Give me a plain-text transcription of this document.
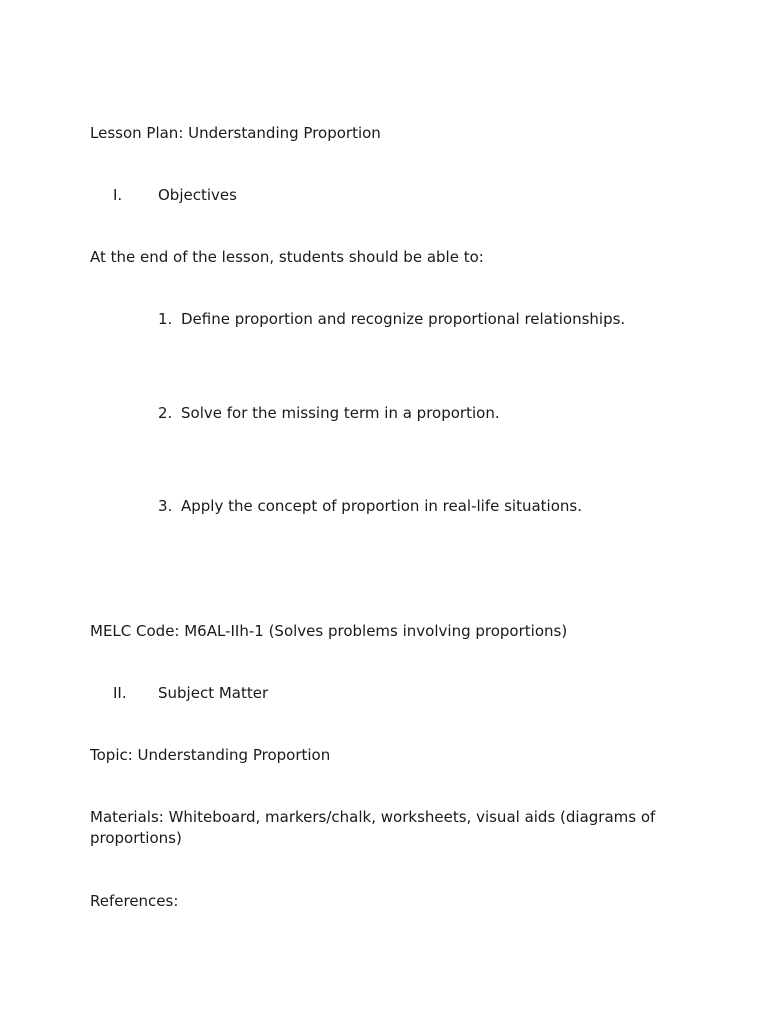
Lesson Plan: Understanding Proportion
I. Objectives
At the end of the lesson, students should be able to:
1. Define proportion and recognize proportional relationships.
2. Solve for the missing term in a proportion.
3. Apply the concept of proportion in real-life situations.
MELC Code: M6AL-IIh-1 (Solves problems involving proportions)
II. Subject Matter
Topic: Understanding Proportion
Materials: Whiteboard, markers/chalk, worksheets, visual aids (diagrams of proportions)
References:
